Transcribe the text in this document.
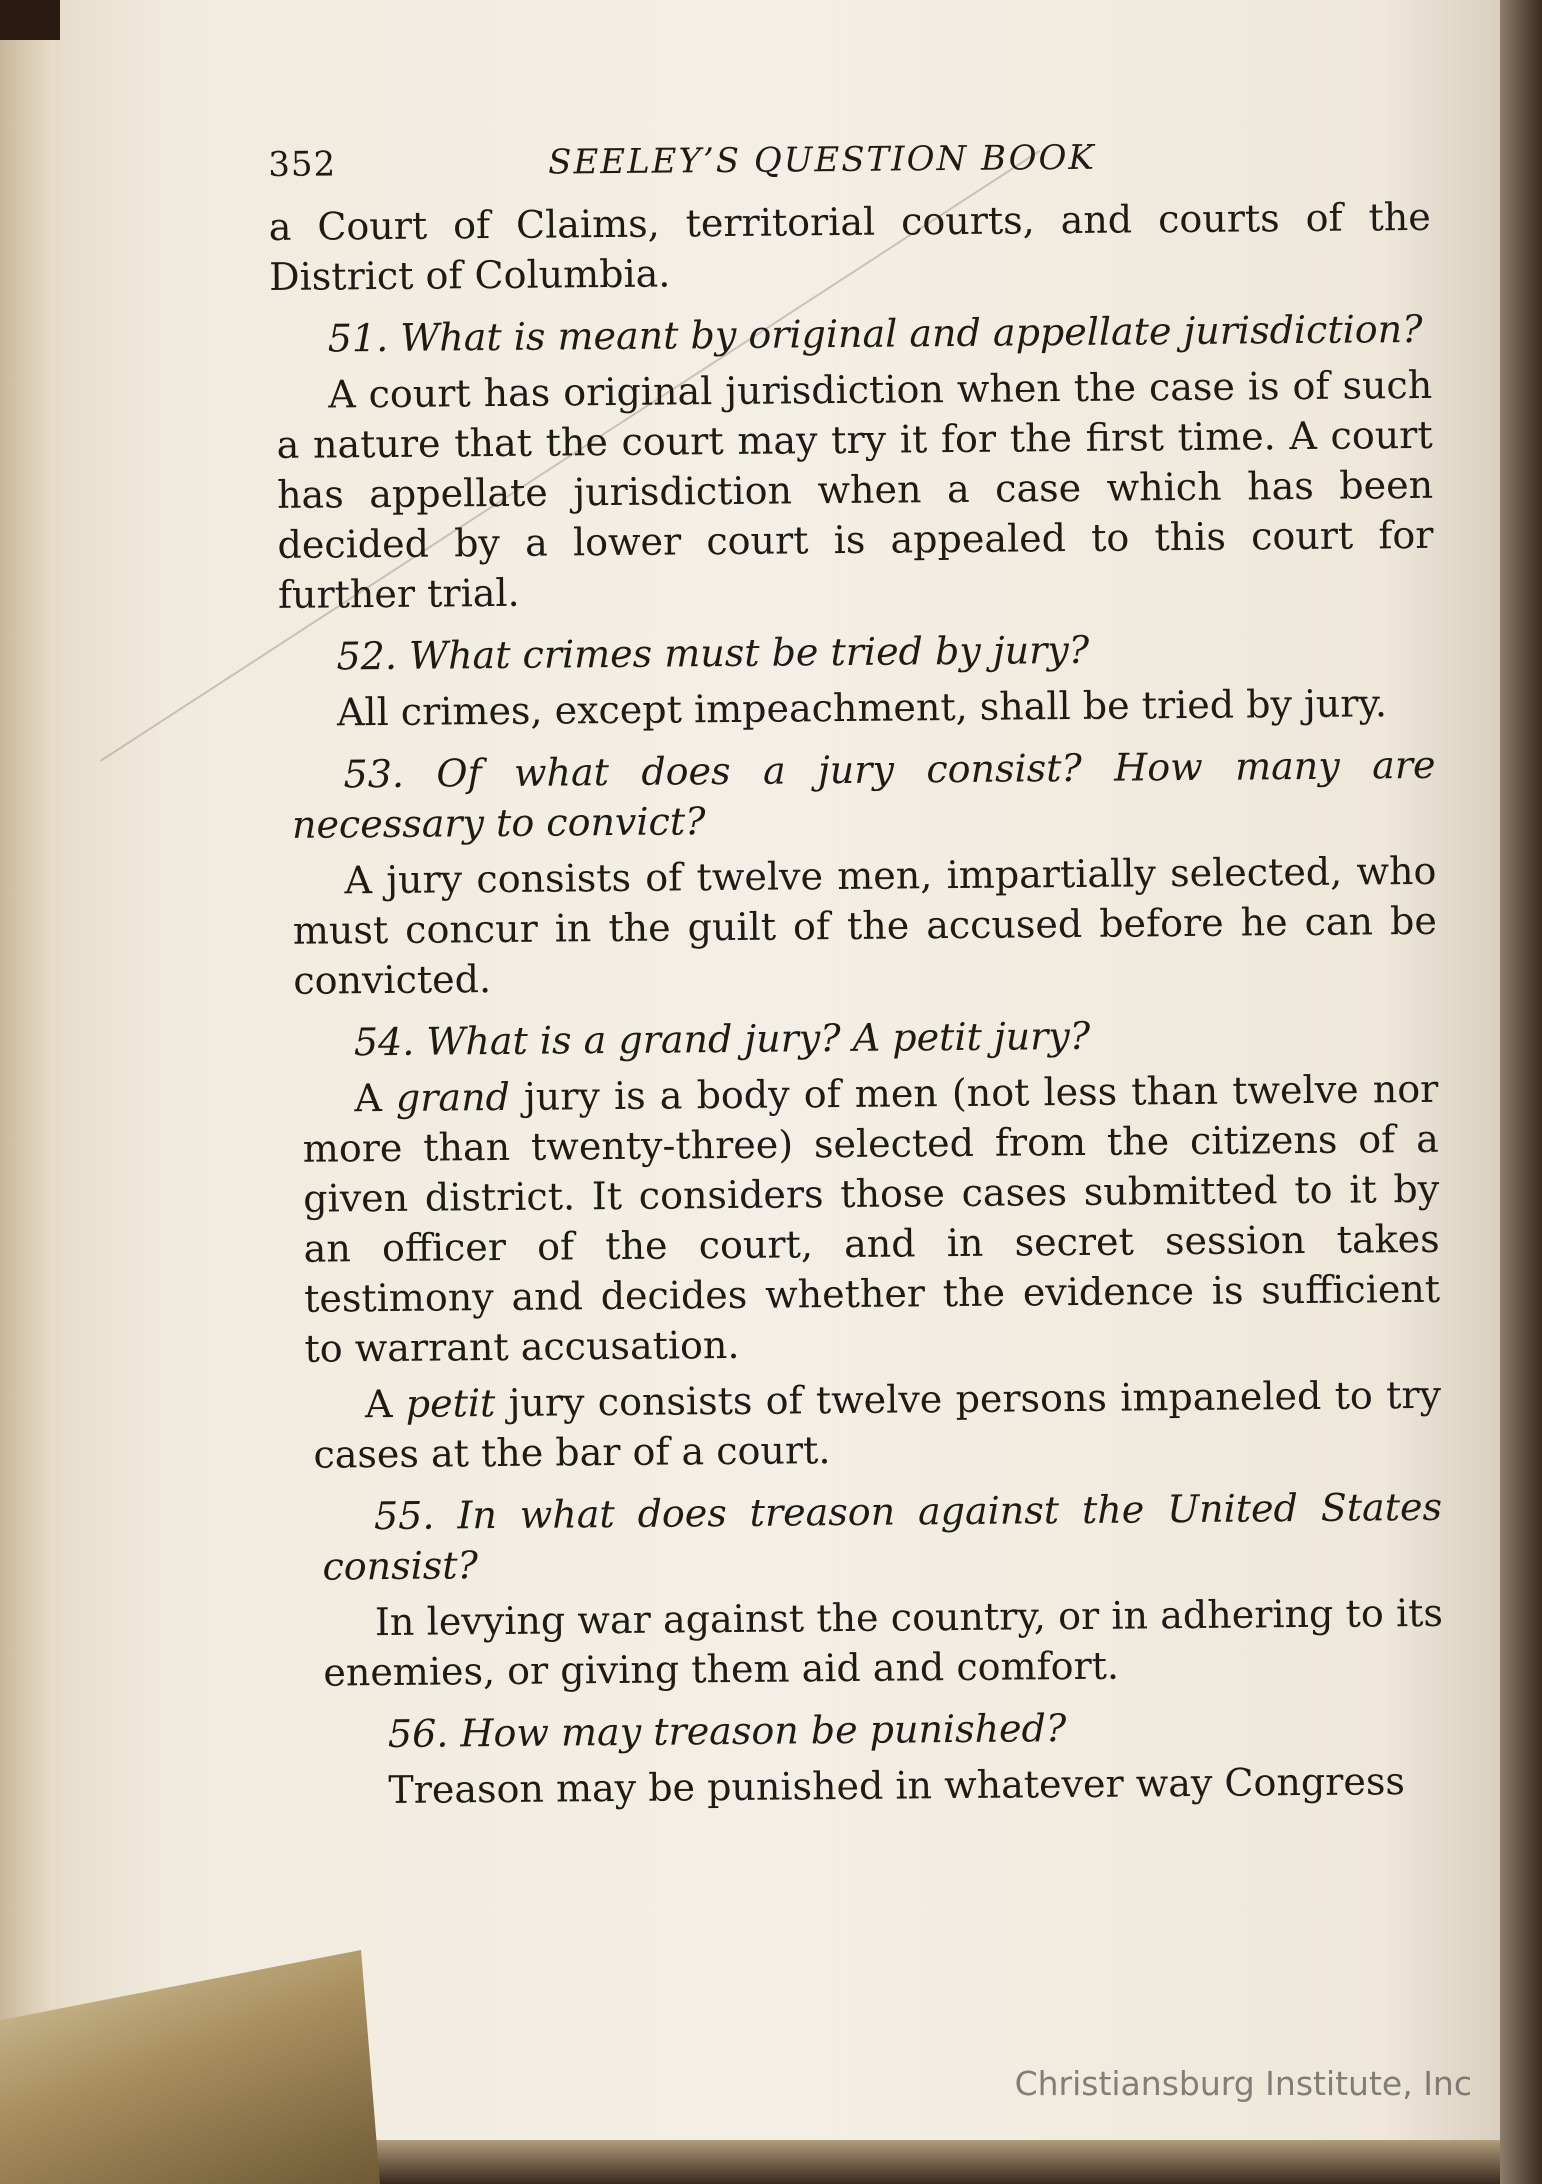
352	SEELEY’S QUESTION BOOK

a Court of Claims, territorial courts, and courts of the District of Columbia.

51. What is meant by original and appellate jurisdiction?

A court has original jurisdiction when the case is of such a nature that the court may try it for the first time. A court has appellate jurisdiction when a case which has been decided by a lower court is appealed to this court for further trial.

52. What crimes must be tried by jury?

All crimes, except impeachment, shall be tried by jury.

53. Of what does a jury consist? How many are necessary to convict?

A jury consists of twelve men, impartially selected, who must concur in the guilt of the accused before he can be convicted.

54. What is a grand jury? A petit jury?

A grand jury is a body of men (not less than twelve nor more than twenty-three) selected from the citizens of a given district. It considers those cases submitted to it by an officer of the court, and in secret session takes testimony and decides whether the evidence is sufficient to warrant accusation.

A petit jury consists of twelve persons impaneled to try cases at the bar of a court.

55. In what does treason against the United States consist?

In levying war against the country, or in adhering to its enemies, or giving them aid and comfort.

56. How may treason be punished?

Treason may be punished in whatever way Congress

Christiansburg Institute, Inc
